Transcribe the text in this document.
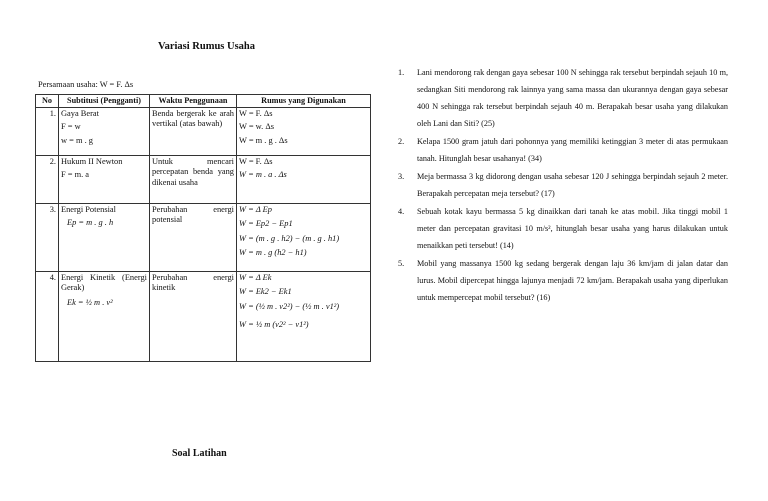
Variasi Rumus Usaha
Persamaan usaha: W = F. Δs
No	Subtitusi (Pengganti)	Waktu Penggunaan	Rumus yang Digunakan
1.	Gaya Berat
F = w
w = m . g	Benda bergerak ke arah vertikal (atas bawah)	W = F. Δs
W = w. Δs
W = m . g . Δs

2.	Hukum II Newton
F = m. a	Untuk mencari percepatan benda yang dikenai usaha	W = F. Δs
W = m . a . Δs

3.	Energi Potensial
Ep = m . g . h	Perubahan energi potensial	W = Δ Ep
W = Ep2 − Ep1
W = (m . g . h2) − (m . g . h1)
W = m . g (h2 − h1)

4.	Energi Kinetik (Energi Gerak)
Ek = ½ m . v²	Perubahan energi kinetik	W = Δ Ek
W = Ek2 − Ek1
W = (½ m . v2²) − (½ m . v1²)
W = ½ m (v2² − v1²)
Soal Latihan
1. Lani mendorong rak dengan gaya sebesar 100 N sehingga rak tersebut berpindah sejauh 10 m, sedangkan Siti mendorong rak lainnya yang sama massa dan ukurannya dengan gaya sebesar 400 N sehingga rak tersebut berpindah sejauh 40 m. Berapakah besar usaha yang dilakukan oleh Lani dan Siti? (25)
2. Kelapa 1500 gram jatuh dari pohonnya yang memiliki ketinggian 3 meter di atas permukaan tanah. Hitunglah besar usahanya! (34)
3. Meja bermassa 3 kg didorong dengan usaha sebesar 120 J sehingga berpindah sejauh 2 meter. Berapakah percepatan meja tersebut? (17)
4. Sebuah kotak kayu bermassa 5 kg dinaikkan dari tanah ke atas mobil. Jika tinggi mobil 1 meter dan percepatan gravitasi 10 m/s², hitunglah besar usaha yang harus dilakukan untuk menaikkan peti tersebut! (14)
5. Mobil yang massanya 1500 kg sedang bergerak dengan laju 36 km/jam di jalan datar dan lurus. Mobil dipercepat hingga lajunya menjadi 72 km/jam. Berapakah usaha yang diperlukan untuk mempercepat mobil tersebut? (16)
